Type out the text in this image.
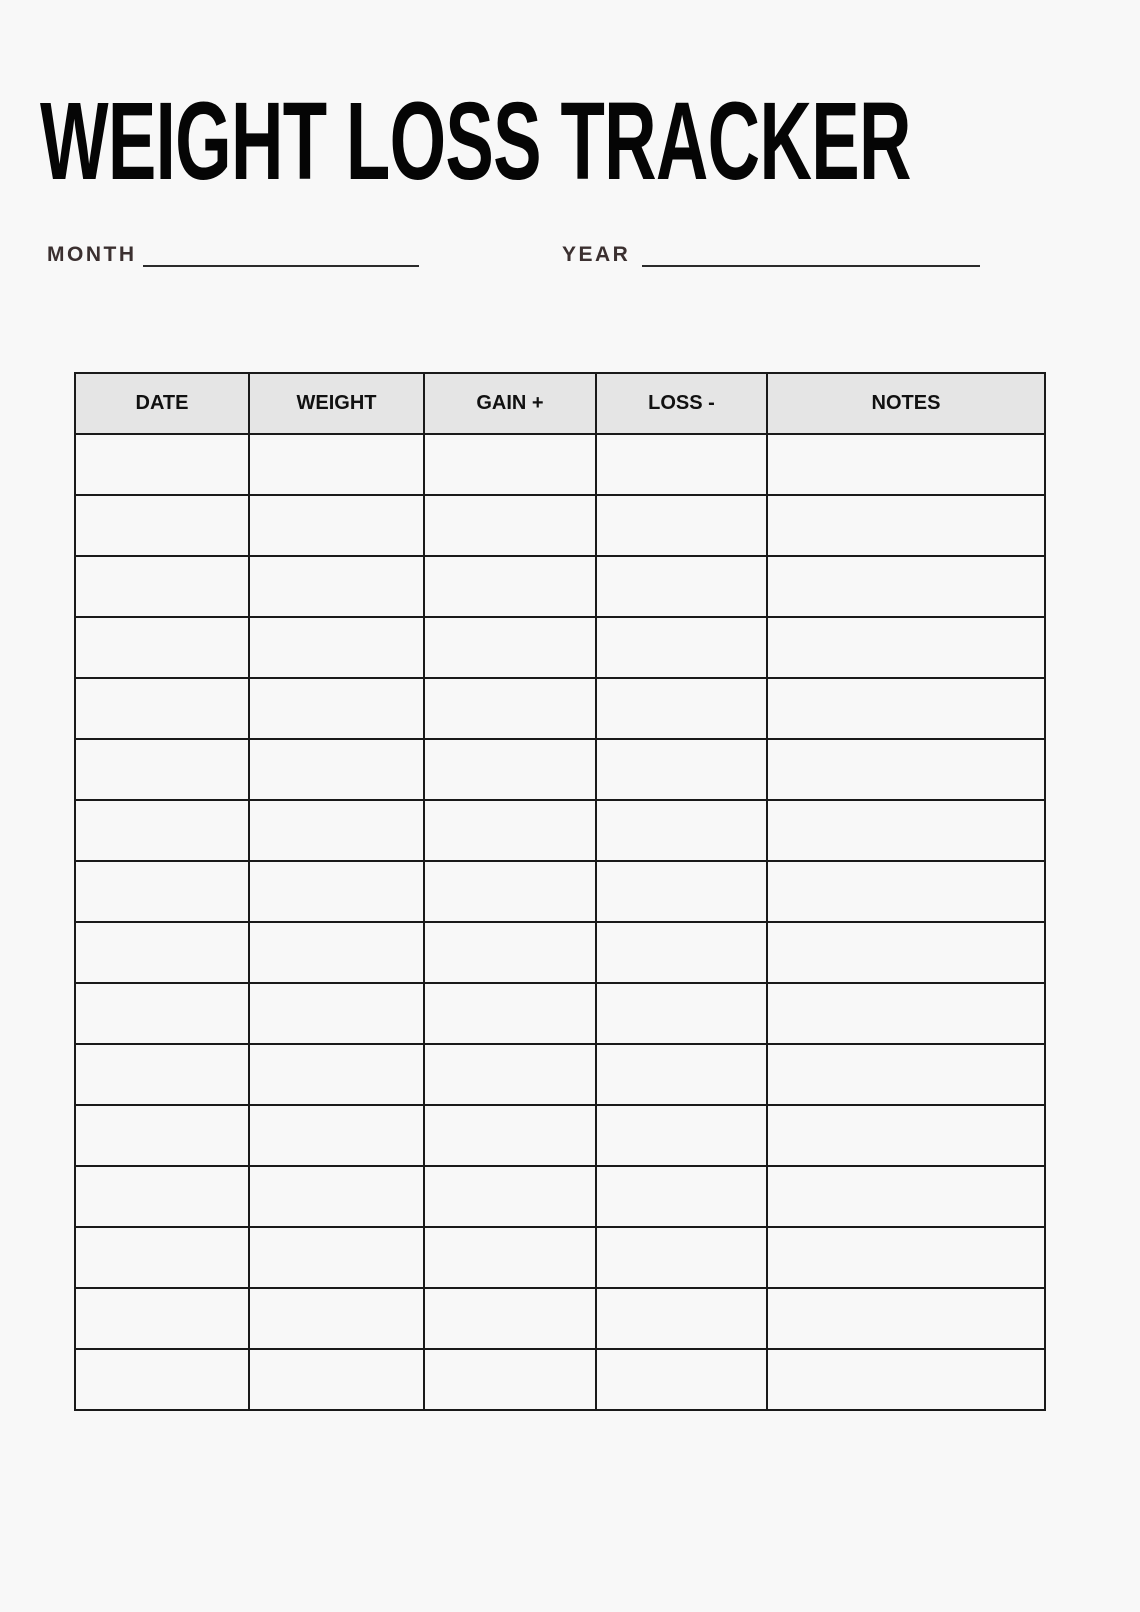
WEIGHT LOSS TRACKER
MONTH	YEAR
DATE	WEIGHT	GAIN +	LOSS -	NOTES
